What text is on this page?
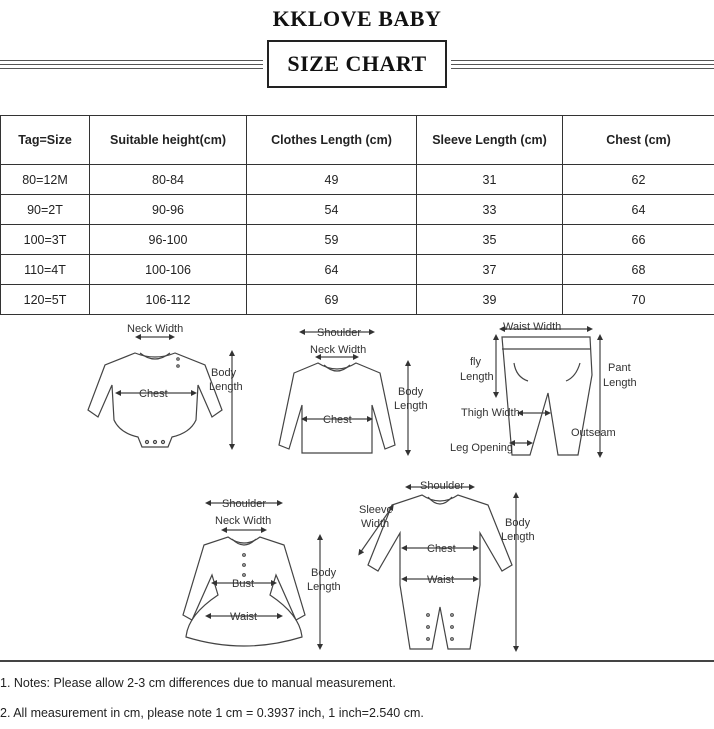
KKLOVE BABY
SIZE CHART
Tag=Size	Suitable height(cm)	Clothes Length (cm)	Sleeve Length (cm)	Chest (cm)
80=12M	80-84	49	31	62
90=2T	90-96	54	33	64
100=3T	96-100	59	35	66
110=4T	100-106	64	37	68
120=5T	106-112	69	39	70
Neck Width
Chest
Body
Length
Shoulder
Neck Width
Chest
Body
Length
Waist Width
fly
Length
Pant
Length
Thigh Width
Outseam
Leg Opening
Shoulder
Neck Width
Bust
Waist
Body
Length
Shoulder
Sleeve
Width
Chest
Waist
Body
Length
1. Notes: Please allow 2-3 cm differences due to manual measurement.
2. All measurement in cm, please note 1 cm = 0.3937 inch, 1 inch=2.540 cm.
